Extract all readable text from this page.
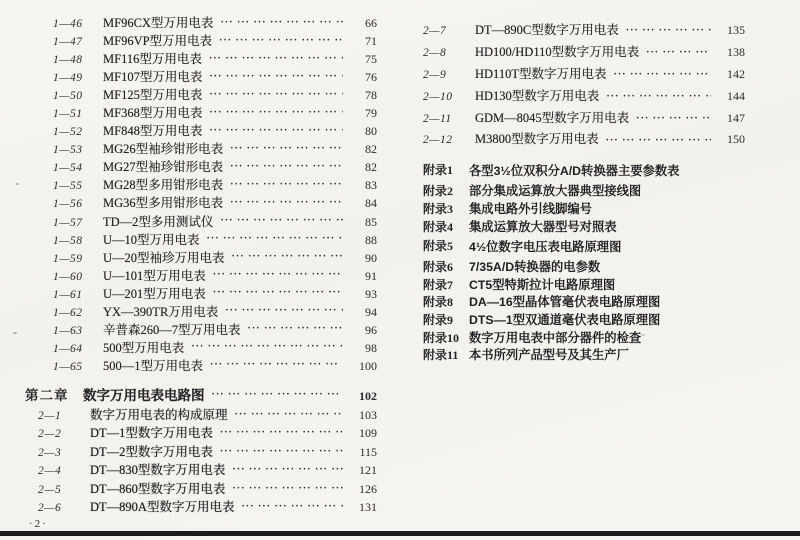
1—46	MF96CX型万用电表 ··· ·	66
1—47	MF96VP型万用电表 ··· ·	71
1—48	MF116型万用电表 ··· ·	75
1—49	MF107型万用电表 ··· ·	76
1—50	MF125型万用电表 ··· ·	78
1—51	MF368型万用电表 ··· ·	79
1—52	MF848型万用电表 ··· ·	80
1—53	MG26型袖珍钳形电表 ··· ·	82
1—54	MG27型袖珍钳形电表 ··· ·	82
1—55	MG28型多用钳形电表 ··· ·	83
1—56	MG36型多用钳形电表 ··· ·	84
1—57	TD—2型多用测试仪 ··· ·	85
1—58	U—10型万用电表 ··· ·	88
1—59	U—20型袖珍万用电表 ··· ·	90
1—60	U—101型万用电表 ··· ·	91
1—61	U—201型万用电表 ··· ·	93
1—62	YX—390TR万用电表 ··· ·	94
1—63	辛普森260—7型万用电表 ··· ·	96
1—64	500型万用电表 ··· ·	98
1—65	500—1型万用电表 ··· ·	100
第二章	数字万用电表电路图 ··· ·	102
2—1	数字万用电表的构成原理 ··· ·	103
2—2	DT—1型数字万用电表 ··· ·	109
2—3	DT—2型数字万用电表 ··· ·	115
2—4	DT—830型数字万用电表 ··· ·	121
2—5	DT—860型数字万用电表 ··· ·	126
2—6	DT—890A型数字万用电表 ··· ·	131
·2·
2—7	DT—890C型数字万用电表 ··· ·	135
2—8	HD100/HD110型数字万用电表 ··· ·	138
2—9	HD110T型数字万用电表 ··· ·	142
2—10	HD130型数字万用电表 ··· ·	144
2—11	GDM—8045型数字万用电表 ··· ·	147
2—12	M3800型数字万用电表 ··· ·	150
附录1	各型3½位双积分A/D转换器主要参数表
附录2	部分集成运算放大器典型接线图
附录3	集成电路外引线脚编号
附录4	集成运算放大器型号对照表
附录5	4½位数字电压表电路原理图
附录6	7/35A/D转换器的电参数
附录7	CT5型特斯拉计电路原理图
附录8	DA—16型晶体管毫伏表电路原理图
附录9	DTS—1型双通道毫伏表电路原理图
附录10 数字万用电表中部分器件的检查
附录11 本书所列产品型号及其生产厂
